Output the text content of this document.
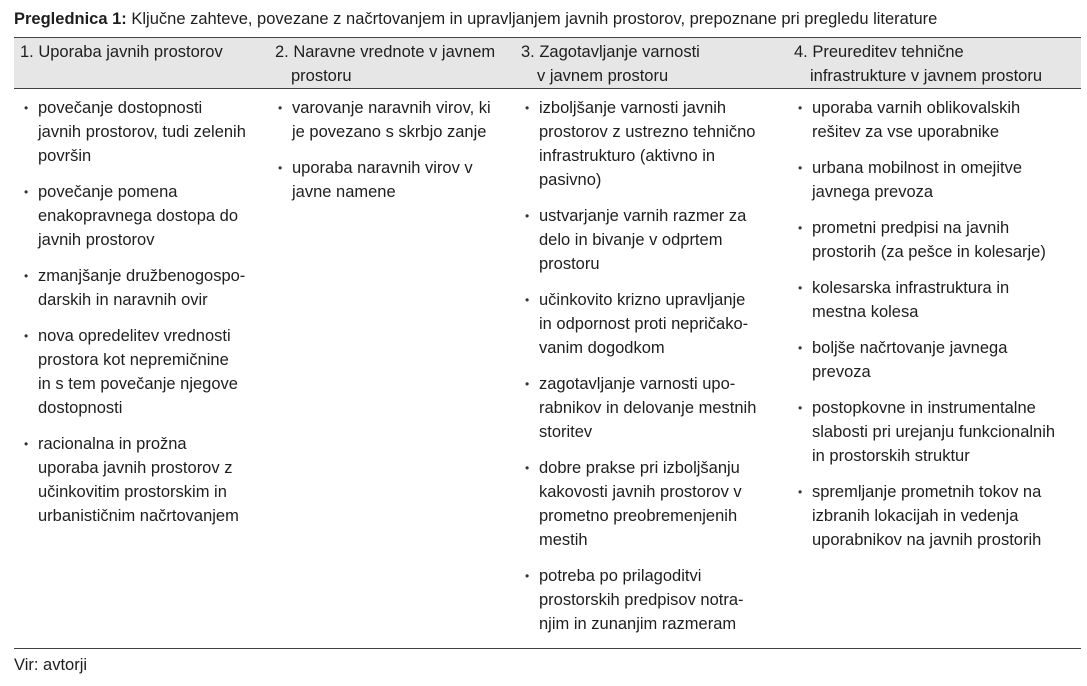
Preglednica 1: Ključne zahteve, povezane z načrtovanjem in upravljanjem javnih prostorov, prepoznane pri pregledu literature
1. Uporaba javnih prostorov	2. Naravne vrednote v javnem
prostoru
3. Zagotavljanje varnosti
v javnem prostoru
4. Preureditev tehnične
infrastrukture v javnem prostoru
• povečanje dostopnosti
javnih prostorov, tudi zelenih
površin
• povečanje pomena
enakopravnega dostopa do
javnih prostorov
• zmanjšanje družbenogospo-
darskih in naravnih ovir
• nova opredelitev vrednosti
prostora kot nepremičnine
in s tem povečanje njegove
dostopnosti
• racionalna in prožna
uporaba javnih prostorov z
učinkovitim prostorskim in
urbanističnim načrtovanjem
• varovanje naravnih virov, ki
je povezano s skrbjo zanje
• uporaba naravnih virov v
javne namene
• izboljšanje varnosti javnih
prostorov z ustrezno tehnično
infrastrukturo (aktivno in
pasivno)
• ustvarjanje varnih razmer za
delo in bivanje v odprtem
prostoru
• učinkovito krizno upravljanje
in odpornost proti nepričako-
vanim dogodkom
• zagotavljanje varnosti upo-
rabnikov in delovanje mestnih
storitev
• dobre prakse pri izboljšanju
kakovosti javnih prostorov v
prometno preobremenjenih
mestih
• potreba po prilagoditvi
prostorskih predpisov notra-
njim in zunanjim razmeram
• uporaba varnih oblikovalskih
rešitev za vse uporabnike
• urbana mobilnost in omejitve
javnega prevoza
• prometni predpisi na javnih
prostorih (za pešce in kolesarje)
• kolesarska infrastruktura in
mestna kolesa
• boljše načrtovanje javnega
prevoza
• postopkovne in instrumentalne
slabosti pri urejanju funkcionalnih
in prostorskih struktur
• spremljanje prometnih tokov na
izbranih lokacijah in vedenja
uporabnikov na javnih prostorih
Vir: avtorji
